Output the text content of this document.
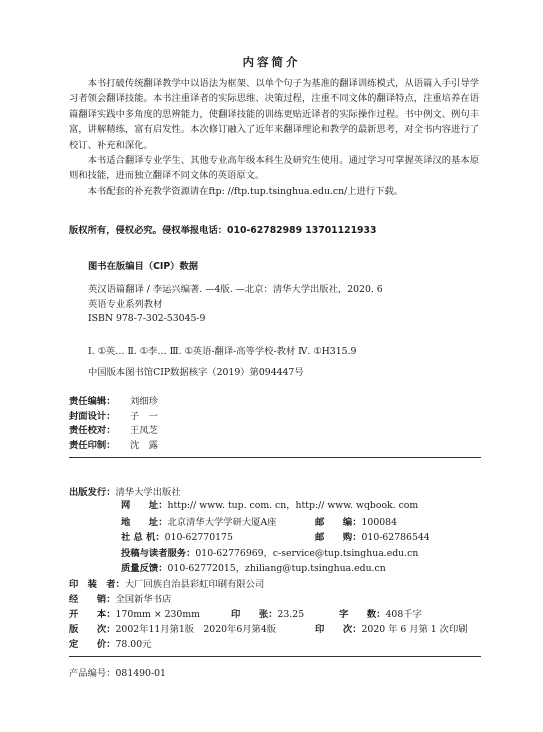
内容简介

本书打破传统翻译教学中以语法为框架、以单个句子为基准的翻译训练模式，从语篇入手引导学习者领会翻译技能。本书注重译者的实际思维、决策过程，注重不同文体的翻译特点，注重培养在语篇翻译实践中多角度的思辨能力，使翻译技能的训练更贴近译者的实际操作过程。书中例文、例句丰富，讲解精练，富有启发性。本次修订融入了近年来翻译理论和教学的最新思考，对全书内容进行了校订、补充和深化。

本书适合翻译专业学生、其他专业高年级本科生及研究生使用。通过学习可掌握英译汉的基本原则和技能，进而独立翻译不同文体的英语原文。

本书配套的补充教学资源请在ftp: //ftp.tup.tsinghua.edu.cn/上进行下载。

版权所有，侵权必究。侵权举报电话：010-62782989 13701121933
图书在版编目（CIP）数据
英汉语篇翻译 / 李运兴编著. —4版. —北京：清华大学出版社，2020. 6
英语专业系列教材
ISBN 978-7-302-53045-9
Ⅰ. ①英… Ⅱ. ①李… Ⅲ. ①英语-翻译-高等学校-教材 Ⅳ. ①H315.9
中国版本图书馆CIP数据核字（2019）第094447号
责任编辑：	刘细珍
封面设计：	子　一
责任校对：	王凤芝
责任印制：	沈　露
出版发行：清华大学出版社
网　　址：http:// www. tup. com. cn，http:// www. wqbook. com
地　　址：北京清华大学学研大厦A座	邮　　编：100084
社 总 机：010-62770175	邮　　购：010-62786544
投稿与读者服务：010-62776969，c-service@tup.tsinghua.edu.cn
质量反馈：010-62772015，zhiliang@tup.tsinghua.edu.cn
印　装　者：大厂回族自治县彩虹印刷有限公司
经　　销：全国新华书店
开　　本：170mm × 230mm	印　　张：23.25	字　　数：408千字
版　　次：2002年11月第1版　2020年6月第4版	印　　次：2020 年 6 月第 1 次印刷
定　　价：78.00元
产品编号：081490-01
